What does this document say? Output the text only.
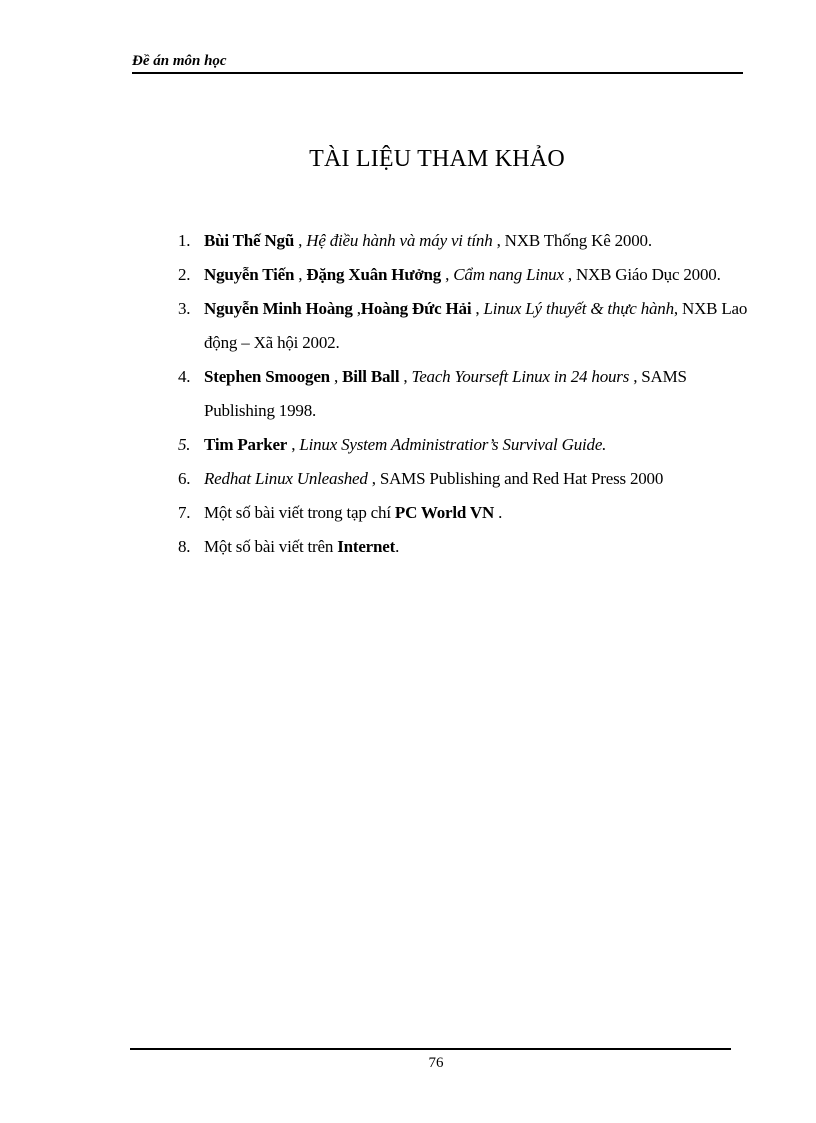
Đề án môn học
TÀI LIỆU THAM KHẢO
1. Bùi Thế Ngũ , Hệ điều hành và máy vi tính , NXB Thống Kê 2000.
2. Nguyễn Tiến , Đặng Xuân Hưởng , Cẩm nang Linux , NXB Giáo Dục 2000.
3. Nguyễn Minh Hoàng ,Hoàng Đức Hải , Linux Lý thuyết & thực hành, NXB Lao động – Xã hội 2002.
4. Stephen Smoogen , Bill Ball , Teach Yourseft Linux in 24 hours , SAMS Publishing 1998.
5. Tim Parker , Linux System Administratior’s Survival Guide.
6. Redhat Linux Unleashed , SAMS Publishing and Red Hat Press 2000
7. Một số bài viết trong tạp chí PC World VN .
8. Một số bài viết trên Internet.
76
